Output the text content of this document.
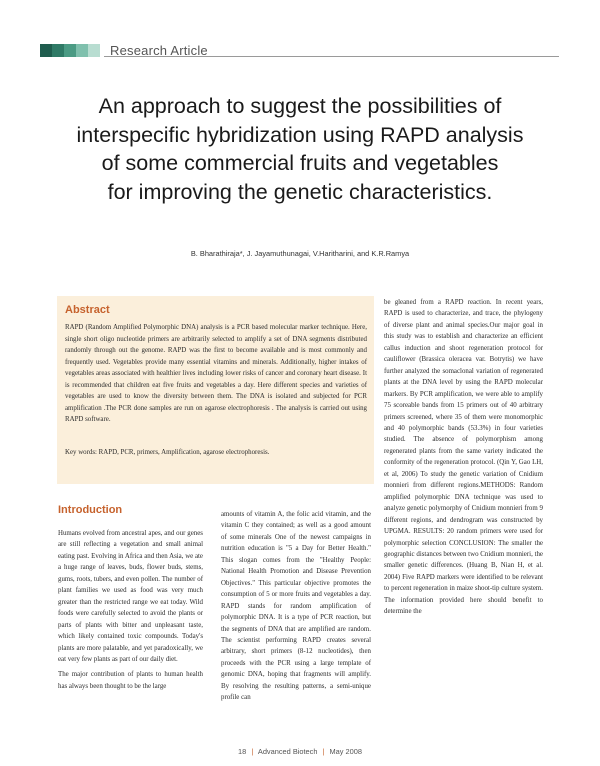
Research Article
An approach to suggest the possibilities of
interspecific hybridization using RAPD analysis
of some commercial fruits and vegetables
for improving the genetic characteristics.
B. Bharathiraja*, J. Jayamuthunagai, V.Haritharini, and K.R.Ramya
Abstract
RAPD (Random Amplified Polymorphic DNA) analysis is a PCR based molecular marker technique. Here, single short oligo nucleotide primers are arbitrarily selected to amplify a set of DNA segments distributed randomly through out the genome. RAPD was the first to become available and is most commonly and frequently used. Vegetables provide many essential vitamins and minerals. Additionally, higher intakes of vegetables areas associated with healthier lives including lower risks of cancer and coronary heart disease. It is recommended that children eat five fruits and vegetables a day. Here different species and varieties of vegetables are used to know the diversity between them. The DNA is isolated and subjected for PCR amplification .The PCR done samples are run on agarose electrophoresis . The analysis is carried out using RAPD software.
Key words: RAPD, PCR, primers, Amplification, agarose electrophoresis.
Introduction

Humans evolved from ancestral apes, and our genes are still reflecting a vegetation and small animal eating past. Evolving in Africa and then Asia, we ate a huge range of leaves, buds, flower buds, stems, gums, roots, tubers, and even pollen. The number of plant families we used as food was very much greater than the restricted range we eat today. Wild foods were carefully selected to avoid the plants or parts of plants with bitter and unpleasant taste, which likely contained toxic compounds. Today's plants are more palatable, and yet paradoxically, we eat very few plants as part of our daily diet.

The major contribution of plants to human health has always been thought to be the large

amounts of vitamin A, the folic acid vitamin, and the vitamin C they contained; as well as a good amount of some minerals One of the newest campaigns in nutrition education is "5 a Day for Better Health." This slogan comes from the "Healthy People: National Health Promotion and Disease Prevention Objectives." This particular objective promotes the consumption of 5 or more fruits and vegetables a day. RAPD stands for random amplification of polymorphic DNA. It is a type of PCR reaction, but the segments of DNA that are amplified are random. The scientist performing RAPD creates several arbitrary, short primers (8-12 nucleotides), then proceeds with the PCR using a large template of genomic DNA, hoping that fragments will amplify. By resolving the resulting patterns, a semi-unique profile can

be gleaned from a RAPD reaction. In recent years, RAPD is used to characterize, and trace, the phylogeny of diverse plant and animal species.Our major goal in this study was to establish and characterize an efficient callus induction and shoot regeneration protocol for cauliflower (Brassica oleracea var. Botrytis) we have further analyzed the somaclonal variation of regenerated plants at the DNA level by using the RAPD molecular markers. By PCR amplification, we were able to amplify 75 scoreable bands from 15 primers out of 40 arbitrary primers screened, where 35 of them were monomorphic and 40 polymorphic bands (53.3%) in four varieties studied. The absence of polymorphism among regenerated plants from the same variety indicated the conformity of the regeneration protocol. (Qin Y, Gao LH, et al, 2006) To study the genetic variation of Cnidium monnieri from different regions.METHODS: Random amplified polymorphic DNA technique was used to analyze genetic polymorphy of Cnidium monnieri from 9 different regions, and dendrogram was constructed by UPGMA. RESULTS: 20 random primers were used for polymorphic selection CONCLUSION: The smaller the geographic distances between two Cnidium monnieri, the smaller genetic differences. (Huang B, Nian H, et al. 2004) Five RAPD markers were identified to be relevant to percent regeneration in maize shoot-tip culture system. The information provided here should benefit to determine the

18 | Advanced Biotech | May 2008
